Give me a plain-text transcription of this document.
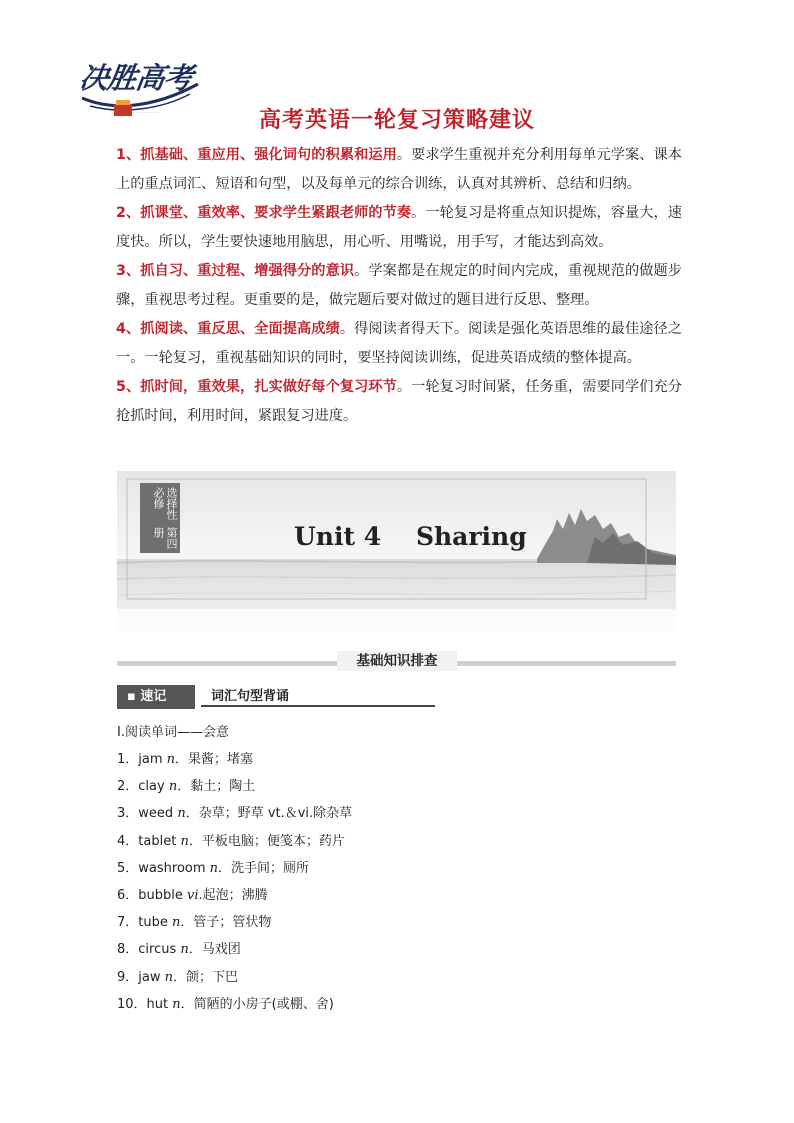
决胜高考
· · · · · · · · ·	高考英语一轮复习策略建议

1、抓基础、重应用、强化词句的积累和运用。要求学生重视并充分利用每单元学案、课本上的重点词汇、短语和句型，以及每单元的综合训练，认真对其辨析、总结和归纳。

2、抓课堂、重效率、要求学生紧跟老师的节奏。一轮复习是将重点知识提炼，容量大，速度快。所以，学生要快速地用脑思，用心听、用嘴说，用手写，才能达到高效。

3、抓自习、重过程、增强得分的意识。学案都是在规定的时间内完成，重视规范的做题步骤，重视思考过程。更重要的是，做完题后要对做过的题目进行反思、整理。

4、抓阅读、重反思、全面提高成绩。得阅读者得天下。阅读是强化英语思维的最佳途径之一。一轮复习，重视基础知识的同时，要坚持阅读训练，促进英语成绩的整体提高。

5、抓时间，重效果，扎实做好每个复习环节。一轮复习时间紧，任务重，需要同学们充分抢抓时间，利用时间，紧跟复习进度。

第四册
选择性必修
Unit 4 Sharing
基础知识排查
▪ 速记	词汇句型背诵
Ⅰ.阅读单词——会意
1．jam n．果酱；堵塞
2．clay n．黏土；陶土
3．weed n．杂草；野草 vt.＆vi.除杂草
4．tablet n．平板电脑；便笺本；药片
5．washroom n．洗手间；厕所
6．bubble vi.起泡；沸腾
7．tube n．管子；管状物
8．circus n．马戏团
9．jaw n．颌；下巴
10．hut n．简陋的小房子(或棚、舍)
